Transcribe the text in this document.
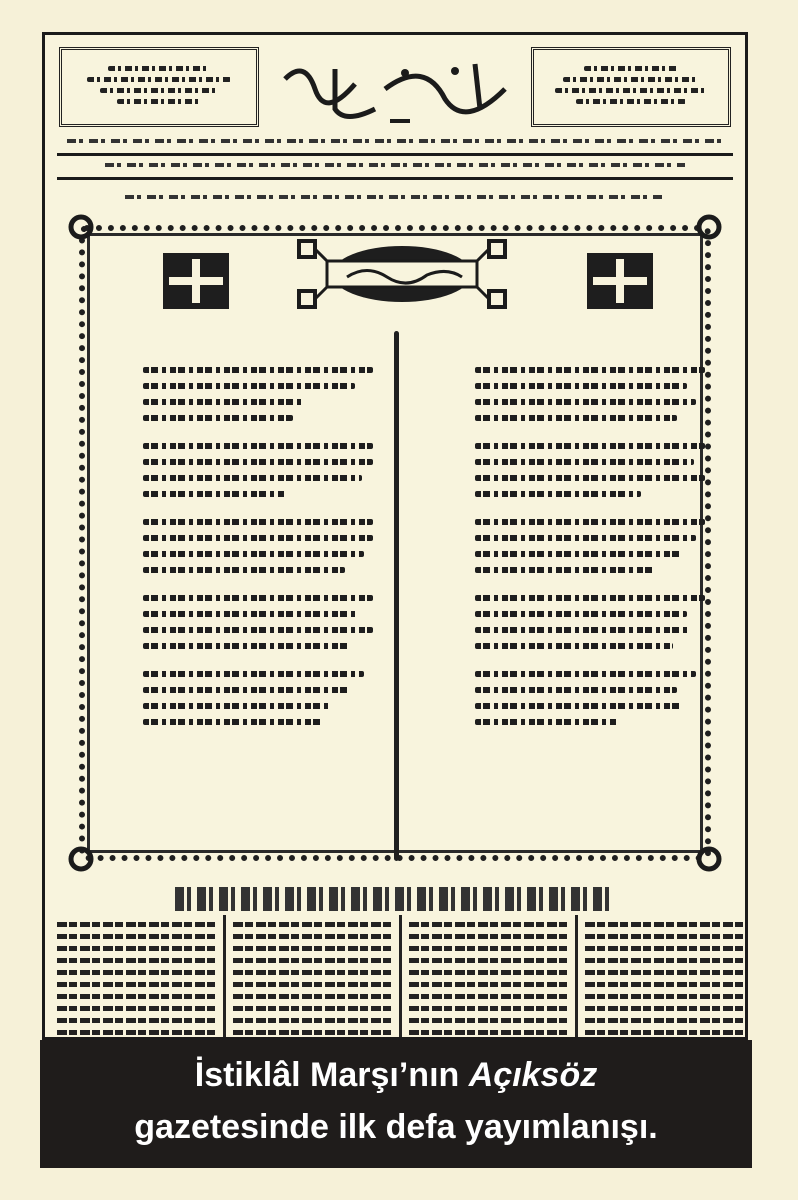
İstiklâl Marşı’nın Açıksöz
gazetesinde ilk defa yayımlanışı.
